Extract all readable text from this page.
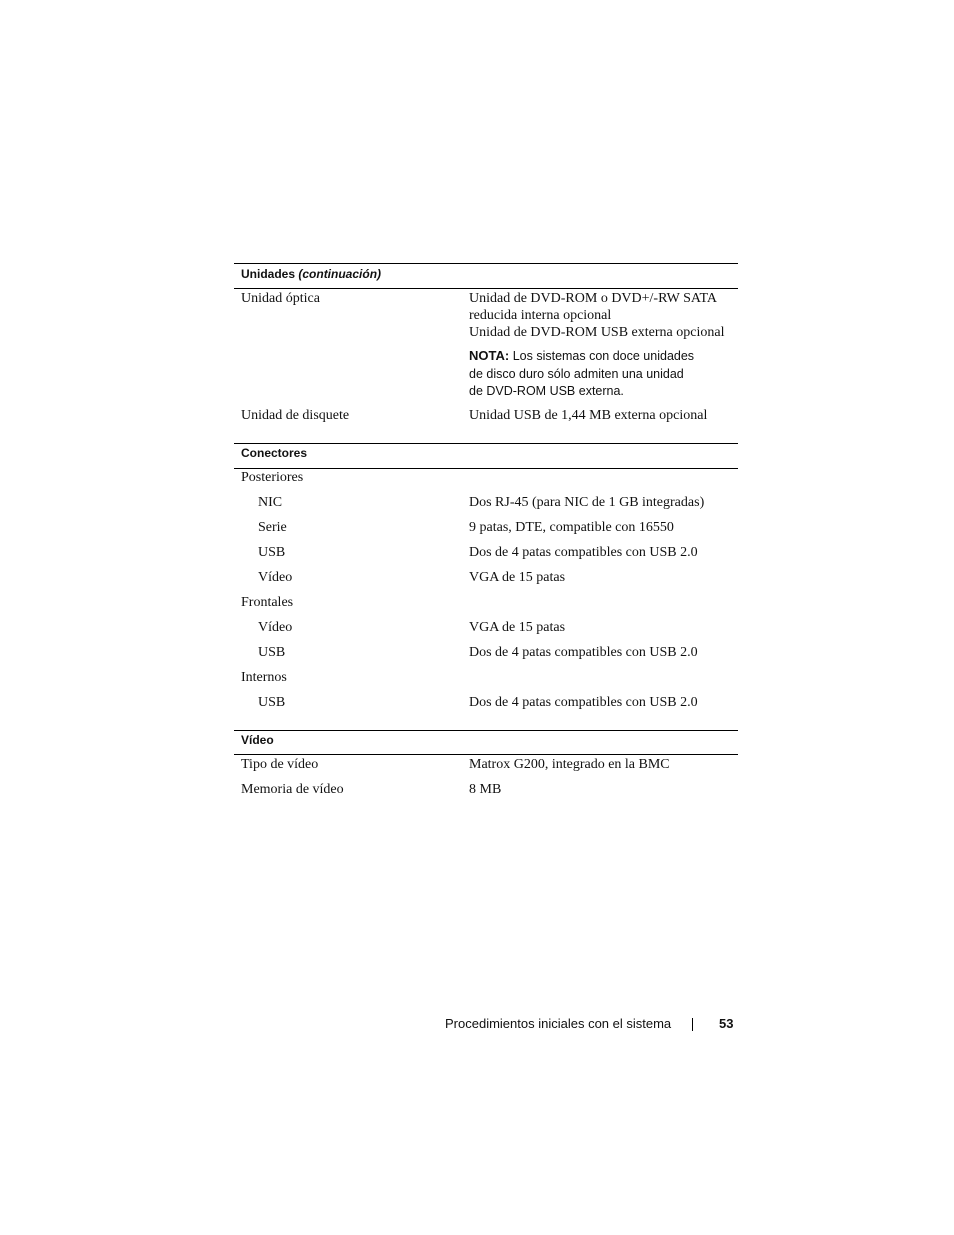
Unidades (continuación)
Unidad óptica	Unidad de DVD-ROM o DVD+/-RW SATA
reducida interna opcional
Unidad de DVD-ROM USB externa opcional
NOTA: Los sistemas con doce unidades
de disco duro sólo admiten una unidad
de DVD-ROM USB externa.
Unidad de disquete	Unidad USB de 1,44 MB externa opcional
Conectores
Posteriores
NIC	Dos RJ-45 (para NIC de 1 GB integradas)
Serie	9 patas, DTE, compatible con 16550
USB	Dos de 4 patas compatibles con USB 2.0
Vídeo	VGA de 15 patas
Frontales
Vídeo	VGA de 15 patas
USB	Dos de 4 patas compatibles con USB 2.0
Internos
USB	Dos de 4 patas compatibles con USB 2.0
Vídeo
Tipo de vídeo	Matrox G200, integrado en la BMC
Memoria de vídeo	8 MB
Procedimientos iniciales con el sistema	53
